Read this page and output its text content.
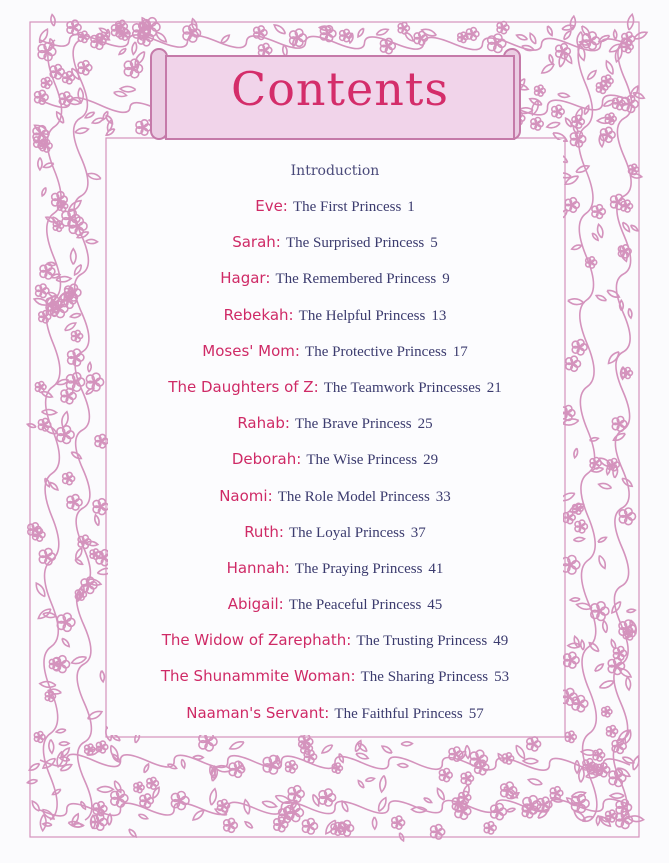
Contents
Introduction
Eve: The First Princess 1
Sarah: The Surprised Princess 5
Hagar: The Remembered Princess 9
Rebekah: The Helpful Princess 13
Moses' Mom: The Protective Princess 17
The Daughters of Z: The Teamwork Princesses 21
Rahab: The Brave Princess 25
Deborah: The Wise Princess 29
Naomi: The Role Model Princess 33
Ruth: The Loyal Princess 37
Hannah: The Praying Princess 41
Abigail: The Peaceful Princess 45
The Widow of Zarephath: The Trusting Princess 49
The Shunammite Woman: The Sharing Princess 53
Naaman's Servant: The Faithful Princess 57
